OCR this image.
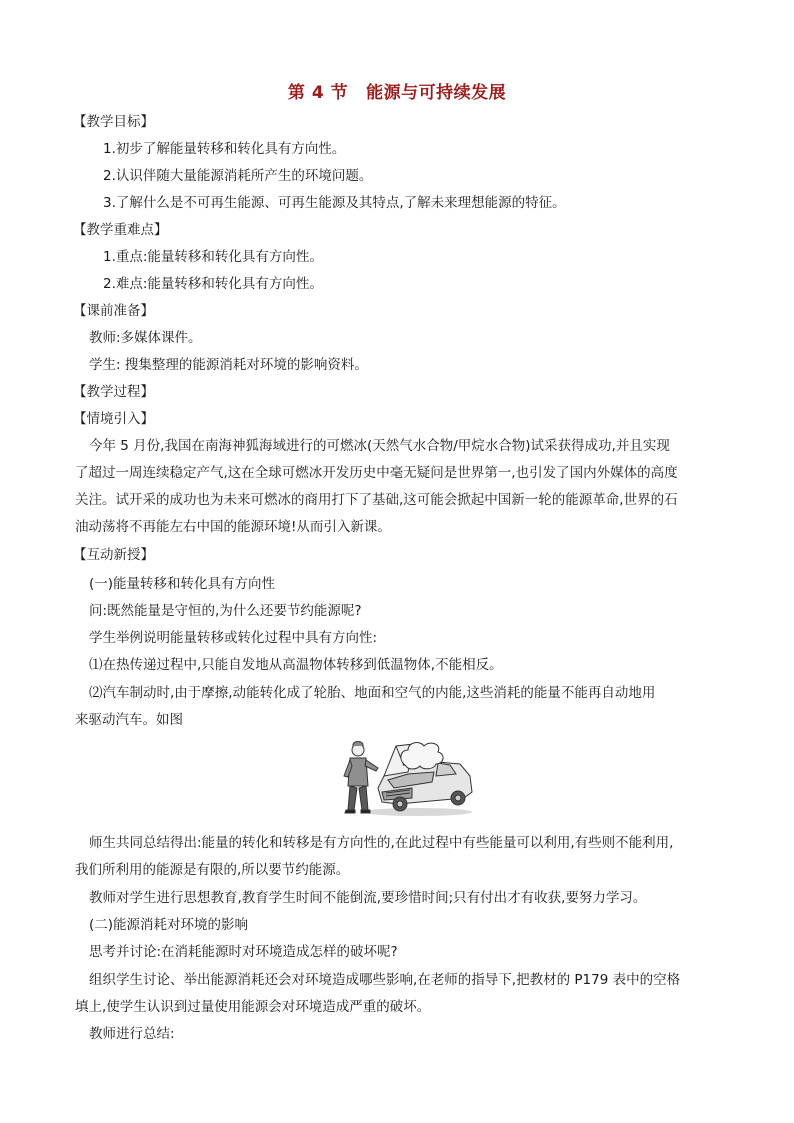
第 4 节 能源与可持续发展
【教学目标】
1.初步了解能量转移和转化具有方向性。
2.认识伴随大量能源消耗所产生的环境问题。
3.了解什么是不可再生能源、可再生能源及其特点,了解未来理想能源的特征。
【教学重难点】
1.重点:能量转移和转化具有方向性。
2.难点:能量转移和转化具有方向性。
【课前准备】
教师:多媒体课件。
学生: 搜集整理的能源消耗对环境的影响资料。
【教学过程】
【情境引入】
今年 5 月份,我国在南海神狐海域进行的可燃冰(天然气水合物/甲烷水合物)试采获得成功,并且实现
了超过一周连续稳定产气,这在全球可燃冰开发历史中毫无疑问是世界第一,也引发了国内外媒体的高度
关注。试开采的成功也为未来可燃冰的商用打下了基础,这可能会掀起中国新一轮的能源革命,世界的石
油动荡将不再能左右中国的能源环境!从而引入新课。
【互动新授】
(一)能量转移和转化具有方向性
问:既然能量是守恒的,为什么还要节约能源呢?
学生举例说明能量转移或转化过程中具有方向性:
⑴在热传递过程中,只能自发地从高温物体转移到低温物体,不能相反。
⑵汽车制动时,由于摩擦,动能转化成了轮胎、地面和空气的内能,这些消耗的能量不能再自动地用
来驱动汽车。如图
师生共同总结得出:能量的转化和转移是有方向性的,在此过程中有些能量可以利用,有些则不能利用,
我们所利用的能源是有限的,所以要节约能源。
教师对学生进行思想教育,教育学生时间不能倒流,要珍惜时间;只有付出才有收获,要努力学习。
(二)能源消耗对环境的影响
思考并讨论:在消耗能源时对环境造成怎样的破坏呢?
组织学生讨论、举出能源消耗还会对环境造成哪些影响,在老师的指导下,把教材的 P179 表中的空格
填上,使学生认识到过量使用能源会对环境造成严重的破坏。
教师进行总结:
